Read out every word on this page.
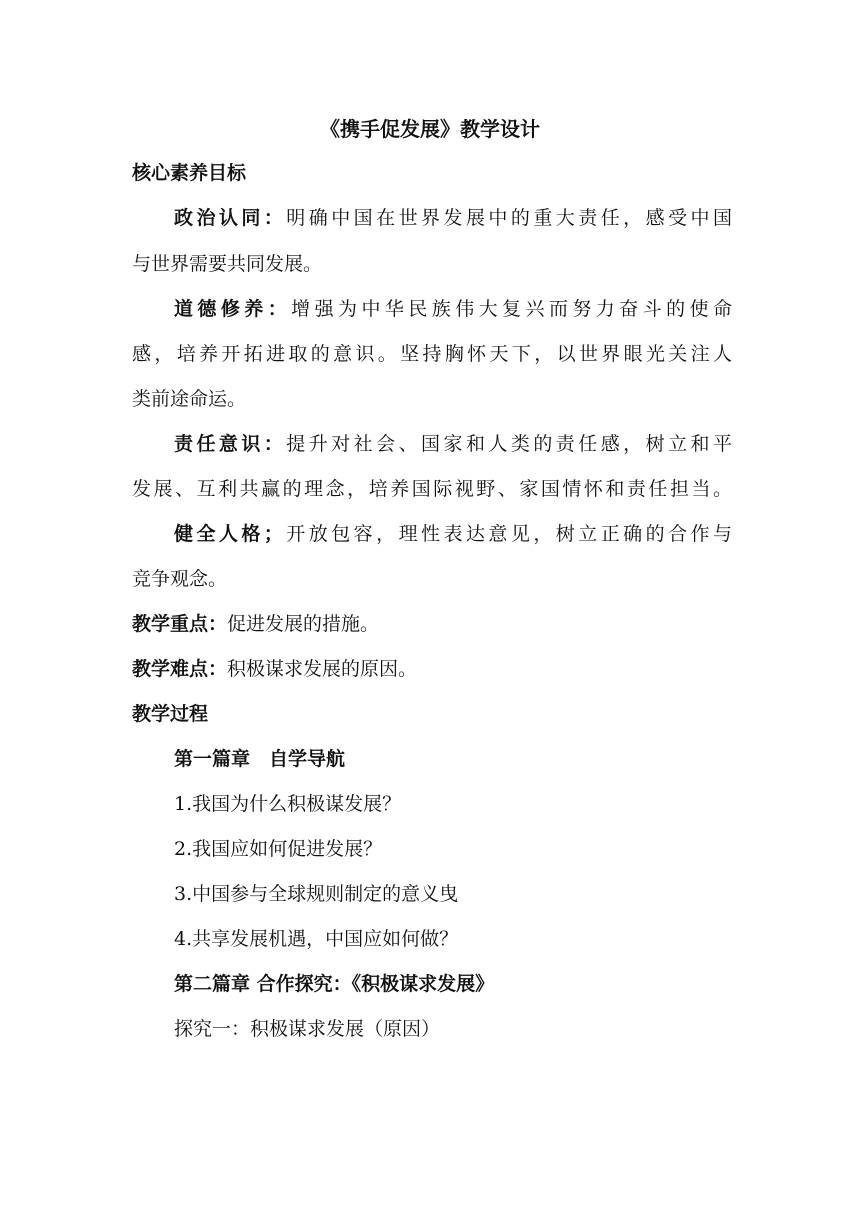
《携手促发展》教学设计
核心素养目标
政治认同：明确中国在世界发展中的重大责任，感受中国
与世界需要共同发展。
道德修养：增强为中华民族伟大复兴而努力奋斗的使命
感，培养开拓进取的意识。坚持胸怀天下，以世界眼光关注人
类前途命运。
责任意识：提升对社会、国家和人类的责任感，树立和平
发展、互利共赢的理念，培养国际视野、家国情怀和责任担当。
健全人格；开放包容，理性表达意见，树立正确的合作与
竞争观念。
教学重点：促进发展的措施。
教学难点：积极谋求发展的原因。
教学过程
第一篇章　自学导航
1.我国为什么积极谋发展？
2.我国应如何促进发展？
3.中国参与全球规则制定的意义曳
4.共享发展机遇，中国应如何做？
第二篇章 合作探究：《积极谋求发展》
探究一：积极谋求发展（原因）
